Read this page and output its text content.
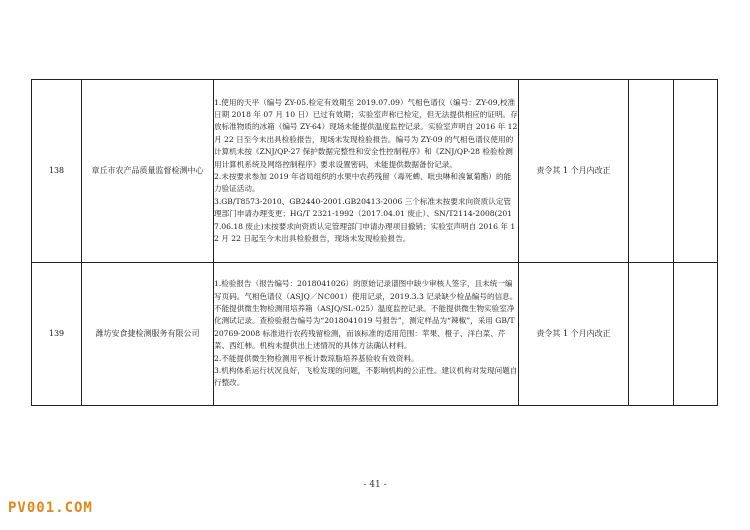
138	章丘市农产品质量监督检测中心	1.使用的天平（编号 ZY-05.检定有效期至 2019.07.09）气相色谱仪（编号：ZY-09,校准日期 2018 年 07 月 10 日）已过有效期；实验室声称已检定，但无法提供相应的证明。存放标准物质的冰箱（编号 ZY-64）现场未能提供温度监控记录。实验室声明自 2016 年 12 月 22 日至今未出具检验报告，现场未发现检验报告。编号为 ZY-09 的气相色谱仪使用的计算机未按《ZNJ/QP-27 保护数据完整性和安全性控制程序》和《ZNJ/QP-28 检验检测用计算机系统及网络控制程序》要求设置密码，未能提供数据备份记录。
2.未按要求参加 2019 年省局组织的水果中农药残留（毒死蜱、吡虫啉和溴氰菊酯）的能力验证活动。
3.GB/T8573-2010、GB2440-2001.GB20413-2006 三个标准未按要求向资质认定管理部门申请办理变更；HG/T 2321-1992（2017.04.01 废止）、SN/T2114-2008(2017.06.18 废止)未按要求向资质认定管理部门申请办理项目撤销；实验室声明自 2016 年 12 月 22 日起至今未出具检验报告，现场未发现检验报告。	责令其 1 个月内改正		
139	潍坊安食捷检测服务有限公司	1.检验报告（报告编号：2018041026）的原始记录谱图中缺少审核人签字，且未统一编写页码。气相色谱仪（ASJQ／NC001）使用记录，2019.3.3 记录缺少检品编号的信息。不能提供微生物检测用培养箱（ASJQ/SL-025）温度监控记录。不能提供微生物实验室净化测试记录。查检验报告编号为“2018041019 号报告”，测定样品为“辣椒”，采用 GB/T20769-2008 标准进行农药残留检测，而该标准的适用范围：苹果、橙子、洋白菜、芹菜、西红柿。机构未提供出上述情况的具体方法确认材料。
2.不能提供微生物检测用平板计数琼脂培养基验收有效资料。
3.机构体系运行状况良好，飞检发现的问题，不影响机构的公正性。建议机构对发现问题自行整改。	责令其 1 个月内改正		
- 41 -
PV001.COM
